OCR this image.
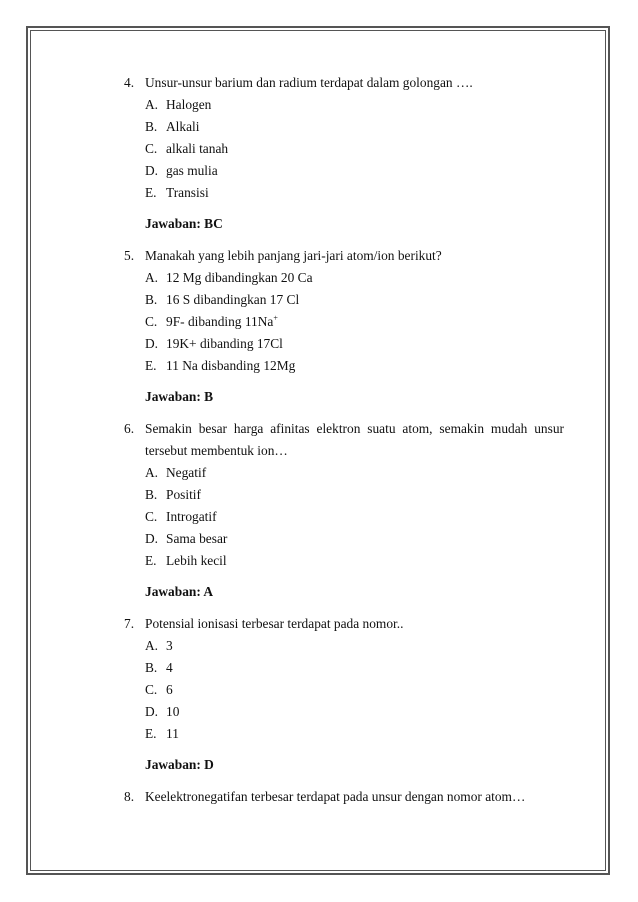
4. Unsur-unsur barium dan radium terdapat dalam golongan ….
A. Halogen
B. Alkali
C. alkali tanah
D. gas mulia
E. Transisi
Jawaban: BC
5. Manakah yang lebih panjang jari-jari atom/ion berikut?
A. 12 Mg dibandingkan 20 Ca
B. 16 S dibandingkan 17 Cl
C. 9F- dibanding 11Na+
D. 19K+ dibanding 17Cl
E. 11 Na disbanding 12Mg
Jawaban: B
6. Semakin besar harga afinitas elektron suatu atom, semakin mudah unsur tersebut membentuk ion…
A. Negatif
B. Positif
C. Introgatif
D. Sama besar
E. Lebih kecil
Jawaban: A
7. Potensial ionisasi terbesar terdapat pada nomor..
A. 3
B. 4
C. 6
D. 10
E. 11
Jawaban: D
8. Keelektronegatifan terbesar terdapat pada unsur dengan nomor atom…
